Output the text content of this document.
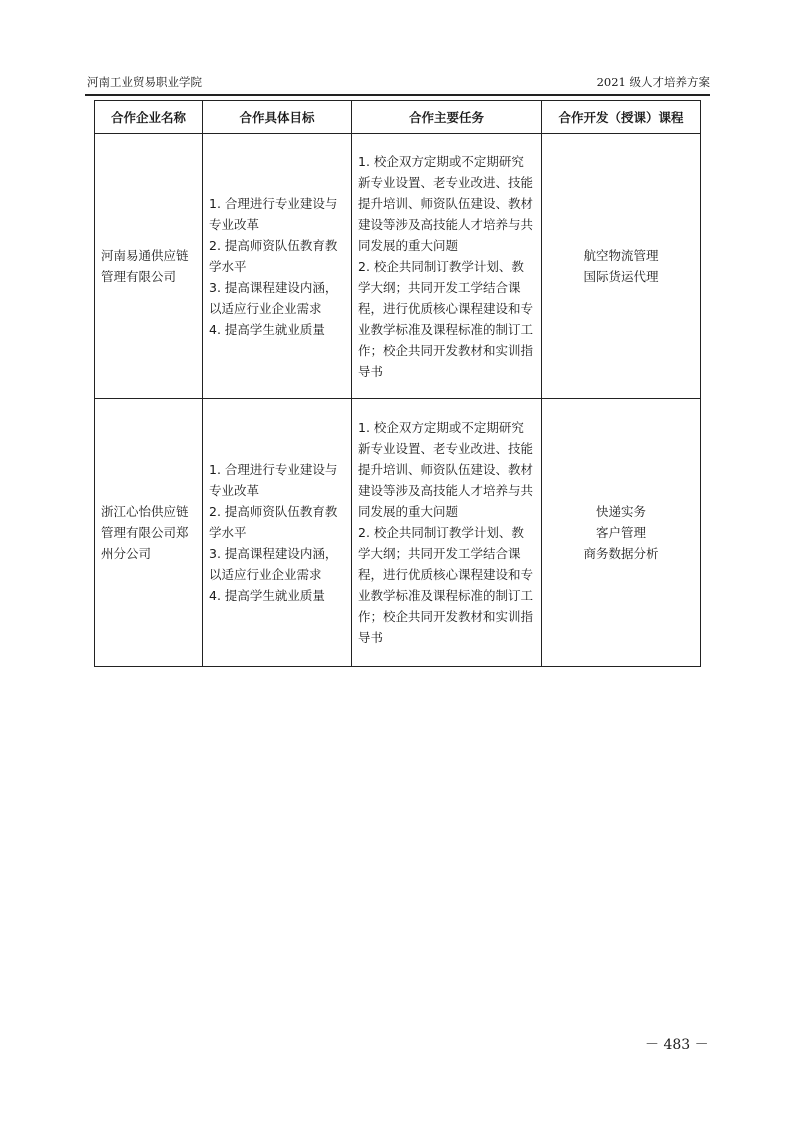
河南工业贸易职业学院	2021 级人才培养方案
合作企业名称	合作具体目标	合作主要任务	合作开发（授课）课程
河南易通供应链管理有限公司	1. 合理进行专业建设与专业改革
2. 提高师资队伍教育教学水平
3. 提高课程建设内涵，以适应行业企业需求
4. 提高学生就业质量	1. 校企双方定期或不定期研究新专业设置、老专业改进、技能提升培训、师资队伍建设、教材建设等涉及高技能人才培养与共同发展的重大问题
2. 校企共同制订教学计划、教学大纲；共同开发工学结合课程，进行优质核心课程建设和专业教学标准及课程标准的制订工作；校企共同开发教材和实训指导书	航空物流管理
国际货运代理

浙江心怡供应链管理有限公司郑州分公司	1. 合理进行专业建设与专业改革
2. 提高师资队伍教育教学水平
3. 提高课程建设内涵，以适应行业企业需求
4. 提高学生就业质量	1. 校企双方定期或不定期研究新专业设置、老专业改进、技能提升培训、师资队伍建设、教材建设等涉及高技能人才培养与共同发展的重大问题
2. 校企共同制订教学计划、教学大纲；共同开发工学结合课程，进行优质核心课程建设和专业教学标准及课程标准的制订工作；校企共同开发教材和实训指导书	快递实务
客户管理
商务数据分析
－ 483 －
